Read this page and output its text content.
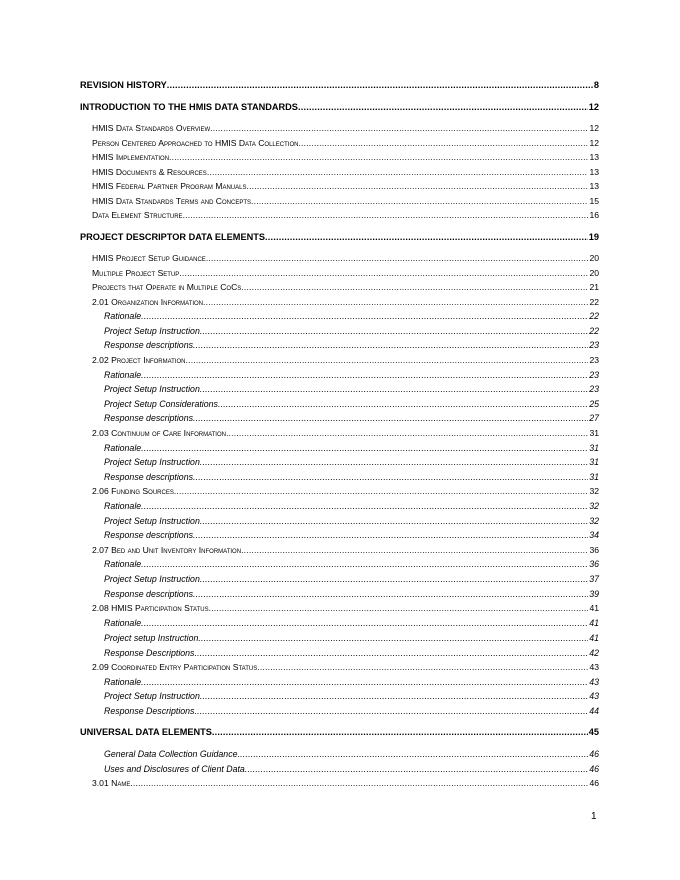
REVISION HISTORY .....	8
INTRODUCTION TO THE HMIS DATA STANDARDS .....	12
HMIS Data Standards Overview .....	12
Person Centered Approached to HMIS Data Collection .....	12
HMIS Implementation .....	13
HMIS Documents & Resources .....	13
HMIS Federal Partner Program Manuals .....	13
HMIS Data Standards Terms and Concepts .....	15
Data Element Structure .....	16
PROJECT DESCRIPTOR DATA ELEMENTS .....	19
HMIS Project Setup Guidance .....	20
Multiple Project Setup .....	20
Projects that Operate in Multiple CoCs .....	21
2.01 Organization Information .....	22
Rationale .....	22
Project Setup Instruction .....	22
Response descriptions .....	23
2.02 Project Information .....	23
Rationale .....	23
Project Setup Instruction .....	23
Project Setup Considerations .....	25
Response descriptions .....	27
2.03 Continuum of Care Information .....	31
Rationale .....	31
Project Setup Instruction .....	31
Response descriptions .....	31
2.06 Funding Sources .....	32
Rationale .....	32
Project Setup Instruction .....	32
Response descriptions .....	34
2.07 Bed and Unit Inventory Information .....	36
Rationale .....	36
Project Setup Instruction .....	37
Response descriptions .....	39
2.08 HMIS Participation Status .....	41
Rationale .....	41
Project setup Instruction .....	41
Response Descriptions .....	42
2.09 Coordinated Entry Participation Status .....	43
Rationale .....	43
Project Setup Instruction .....	43
Response Descriptions .....	44
UNIVERSAL DATA ELEMENTS .....	45
General Data Collection Guidance .....	46
Uses and Disclosures of Client Data .....	46
3.01 Name .....	46
1
